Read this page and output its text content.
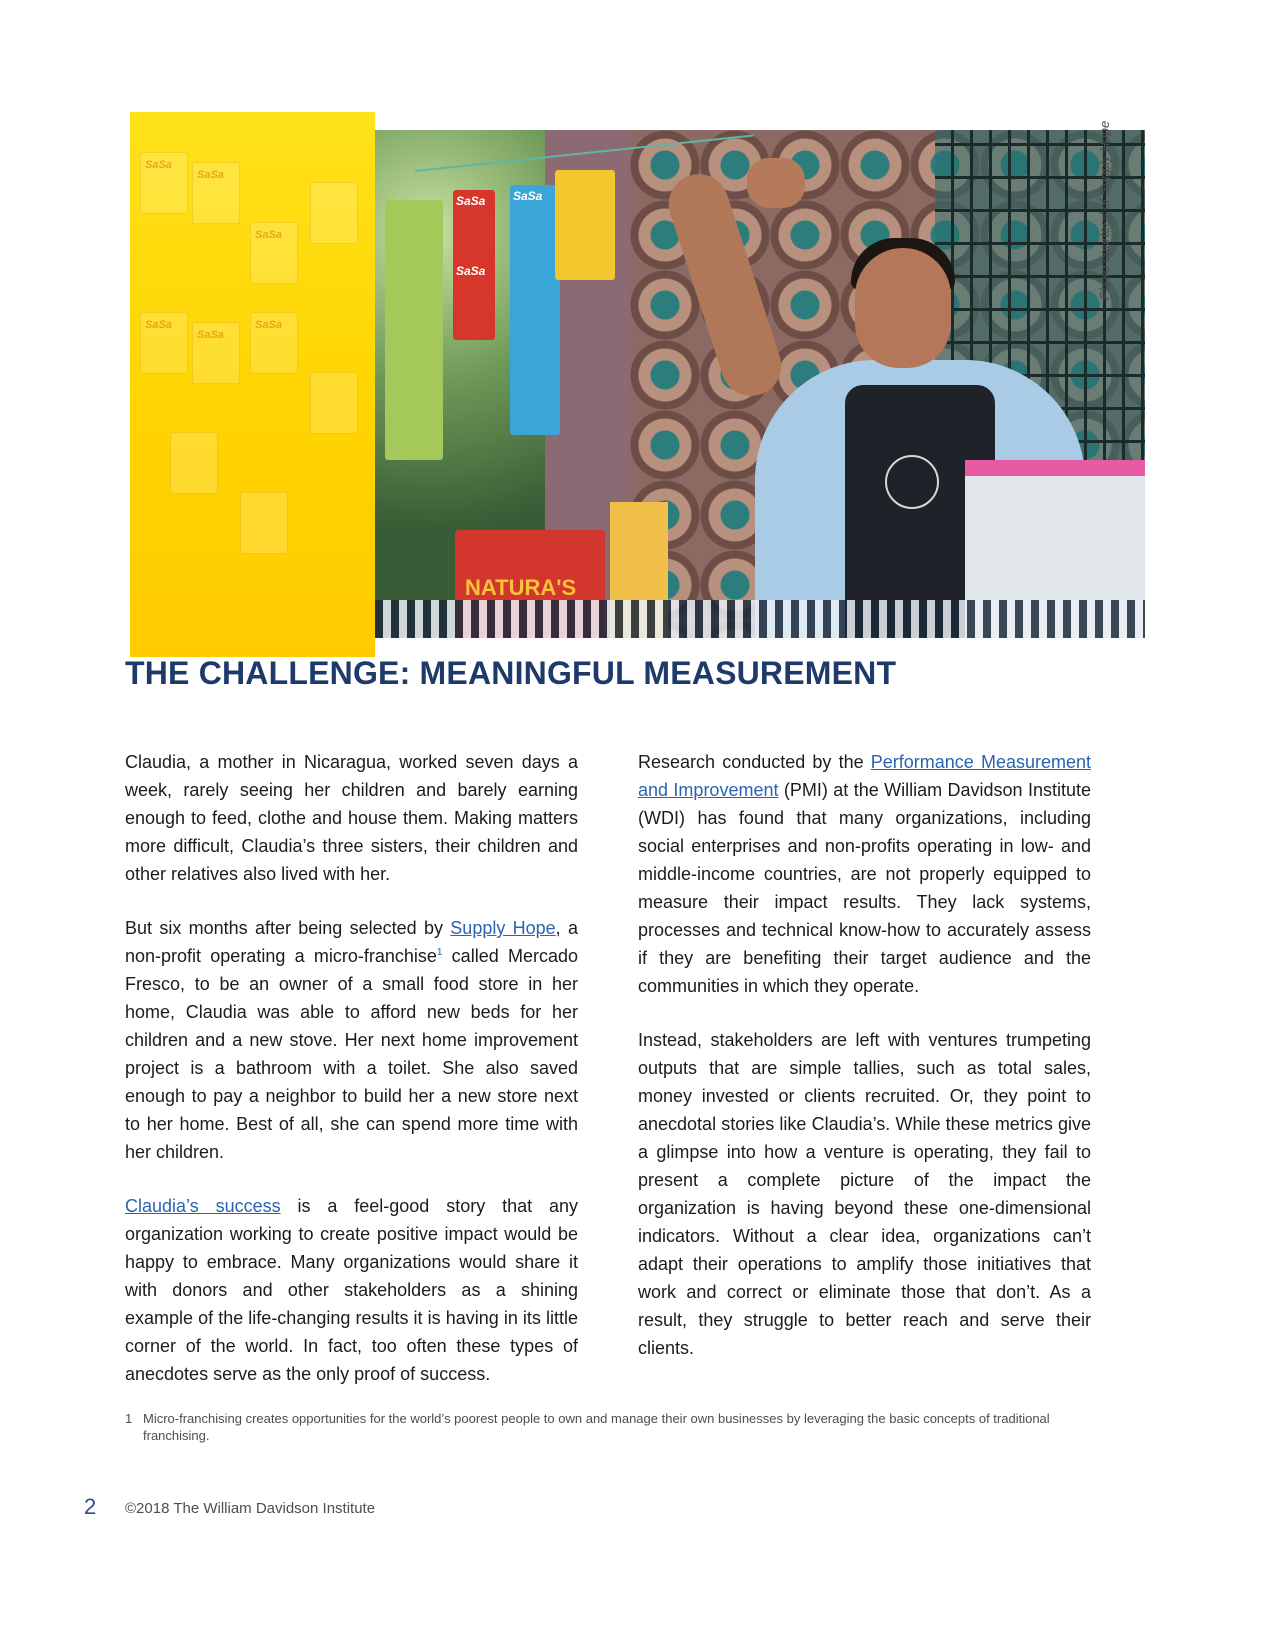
SaSa
SaSa
SaSa
SaSa
SaSa
SaSa
SaSa
SaSa
SaSa
NATURA'S
Photo courtesy of Supply Hope
THE CHALLENGE: MEANINGFUL MEASUREMENT

Claudia, a mother in Nicaragua, worked seven days a week, rarely seeing her children and barely earning enough to feed, clothe and house them. Making matters more difficult, Claudia’s three sisters, their children and other relatives also lived with her.

But six months after being selected by Supply Hope, a non-profit operating a micro-franchise$^1$ called Mercado Fresco, to be an owner of a small food store in her home, Claudia was able to afford new beds for her children and a new stove. Her next home improvement project is a bathroom with a toilet. She also saved enough to pay a neighbor to build her a new store next to her home. Best of all, she can spend more time with her children.

Claudia’s success is a feel-good story that any organization working to create positive impact would be happy to embrace. Many organizations would share it with donors and other stakeholders as a shining example of the life-changing results it is having in its little corner of the world. In fact, too often these types of anecdotes serve as the only proof of success.

Research conducted by the Performance Measurement and Improvement (PMI) at the William Davidson Institute (WDI) has found that many organizations, including social enterprises and non-profits operating in low- and middle-income countries, are not properly equipped to measure their impact results. They lack systems, processes and technical know-how to accurately assess if they are benefiting their target audience and the communities in which they operate.

Instead, stakeholders are left with ventures trumpeting outputs that are simple tallies, such as total sales, money invested or clients recruited. Or, they point to anecdotal stories like Claudia’s. While these metrics give a glimpse into how a venture is operating, they fail to present a complete picture of the impact the organization is having beyond these one-dimensional indicators. Without a clear idea, organizations can’t adapt their operations to amplify those initiatives that work and correct or eliminate those that don’t. As a result, they struggle to better reach and serve their clients.

1 Micro-franchising creates opportunities for the world’s poorest people to own and manage their own businesses by leveraging the basic concepts of traditional franchising.
2 ©2018 The William Davidson Institute
